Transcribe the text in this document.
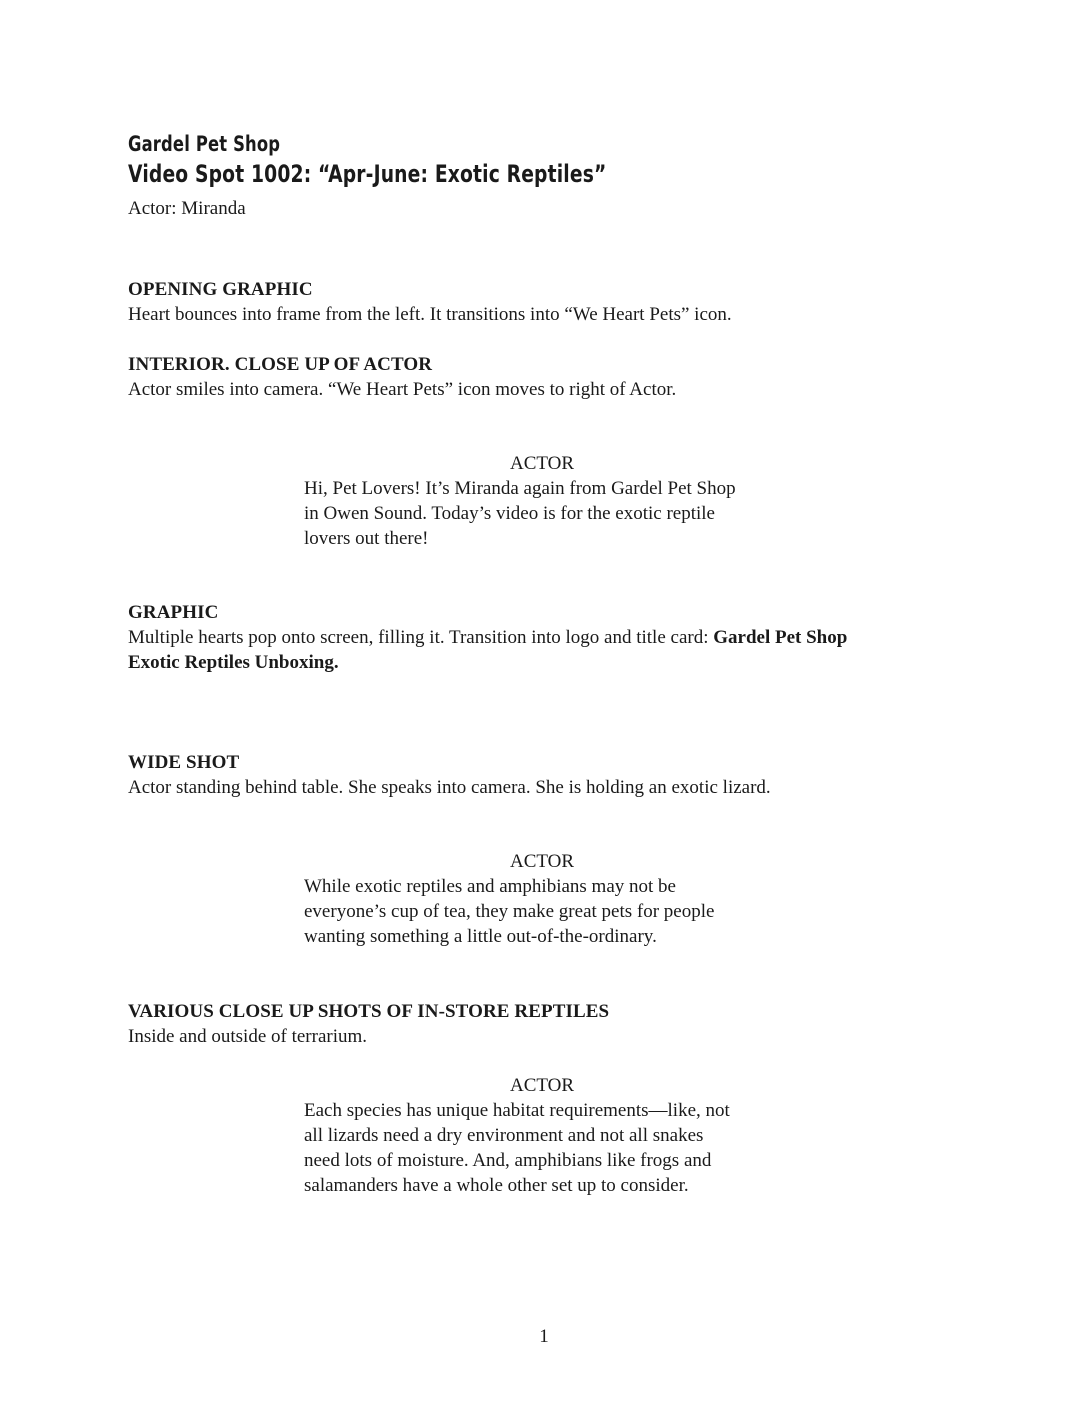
Gardel Pet Shop
Video Spot 1002: “Apr-June: Exotic Reptiles”
Actor: Miranda
OPENING GRAPHIC
Heart bounces into frame from the left. It transitions into “We Heart Pets” icon.
INTERIOR. CLOSE UP OF ACTOR
Actor smiles into camera. “We Heart Pets” icon moves to right of Actor.
ACTOR
Hi, Pet Lovers! It’s Miranda again from Gardel Pet Shop
in Owen Sound. Today’s video is for the exotic reptile
lovers out there!
GRAPHIC
Multiple hearts pop onto screen, filling it. Transition into logo and title card: Gardel Pet Shop
Exotic Reptiles Unboxing.
WIDE SHOT
Actor standing behind table. She speaks into camera. She is holding an exotic lizard.
ACTOR
While exotic reptiles and amphibians may not be
everyone’s cup of tea, they make great pets for people
wanting something a little out-of-the-ordinary.
VARIOUS CLOSE UP SHOTS OF IN-STORE REPTILES
Inside and outside of terrarium.
ACTOR
Each species has unique habitat requirements—like, not
all lizards need a dry environment and not all snakes
need lots of moisture. And, amphibians like frogs and
salamanders have a whole other set up to consider.
1
